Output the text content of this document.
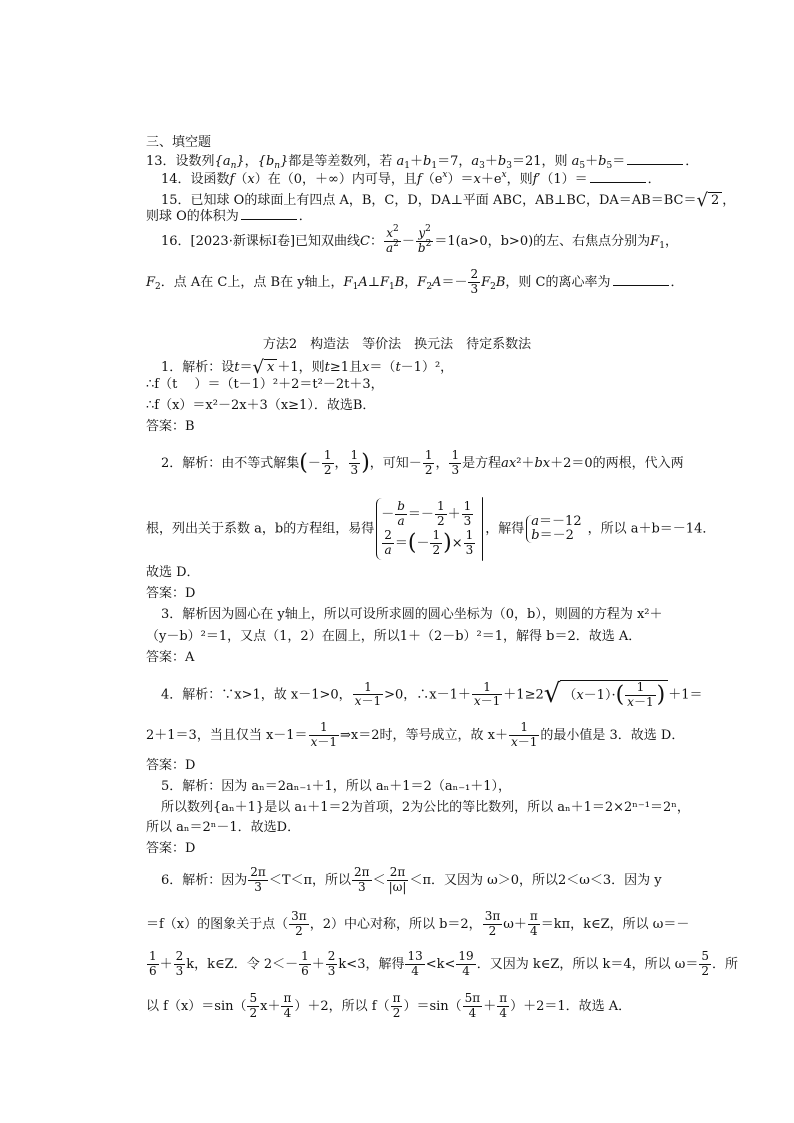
三、填空题
13．设数列$\{a_n\}$，$\{b_n\}$都是等差数列，若 $a_1+b_1=7$，$a_3+b_3=21$，则 $a_5+b_5=$	．
14．设函数f（x）在（0，＋∞）内可导，且$f(e^x)=x+e^x$，则f′（1）＝	．
15．已知球 O的球面上有四点 A，B，C，D，DA⊥平面 ABC，AB⊥BC，DA＝AB＝BC＝√ 2 ，
则球 O的体积为	．
16．[2023·新课标Ⅰ卷]已知双曲线C： $\frac{x^2}{a^2} - \frac{y^2}{b^2} =1(a>0$，b>0)的左、右焦点分别为$F_1$，
$F_2$．点 A在 C上，点 B在 y轴上，$F_1A\perp F_1B$，$F_2A=- \frac{2}{3} F_2B$，则 C的离心率为	．
方法2　构造法　等价法　换元法　待定系数法
1．解析：设t＝√ x ＋1，则t≥1且x＝（t－1）²，
∴f（t　 ）＝（t－1）²＋2＝t²－2t＋3，
∴f（x）＝x²－2x＋3（x≥1）．故选B．
答案：B
2．解析：由不等式解集(－ $\frac{1}{2}$ ， $\frac{1}{3}$ )，可知－ $\frac{1}{2}$ ， $\frac{1}{3}$ 是方程ax²＋bx＋2＝0的两根，代入两
根，列出关于系数 a，b的方程组，易得
－ $\frac{b}{a} =- \frac{1}{2} + \frac{1}{3}$
$\frac{2}{a}$ ＝(－ $\frac{1}{2}$ )× $\frac{1}{3}$ ，解得
a＝－12
b＝－2	，所以 a＋b＝－14．
故选 D．
答案：D
3．解析因为圆心在 y轴上，所以可设所求圆的圆心坐标为（0，b），则圆的方程为 x²＋
（y－b）²＝1，又点（1，2）在圆上，所以1＋（2－b）²＝1，解得 b＝2．故选 A．
答案：A
4．解析：∵x>1，故 x－1>0， $\frac{1}{x-1} >0$，∴x－1＋ $\frac{1}{x-1} +1\ge 2√$ $(x-1)\cdot( \frac{1}{x-1}$ ) ＋1＝
2＋1＝3，当且仅当 $x-1= \frac{1}{x-1}$ ⇒x＝2时，等号成立，故 $x+ \frac{1}{x-1}$ 的最小值是 3．故选 D．
答案：D
5．解析：因为 aₙ＝2aₙ₋₁＋1，所以 aₙ＋1＝2（aₙ₋₁＋1），
所以数列{aₙ＋1}是以 a₁＋1＝2为首项，2为公比的等比数列，所以 aₙ＋1＝2×2ⁿ⁻¹＝2ⁿ，
所以 aₙ＝2ⁿ－1．故选D．
答案：D
6．解析：因为 $\frac{2\pi}{3} <T<\pi$，所以 $\frac{2\pi}{3} < \frac{2\pi}{|\omega|} <\pi$．又因为 ω＞0，所以2＜ω＜3．因为 y
＝f（x）的图象关于点（ $\frac{3\pi}{2}$ ，2）中心对称，所以 b＝2， $\frac{3\pi}{2} \omega+ \frac{\pi}{4} =k\pi$，k∈Z，所以 ω＝－
$\frac{1}{6} + \frac{2}{3}$ k，k∈Z．令 $2<- \frac{1}{6} + \frac{2}{3} k<3$，解得 $\frac{13}{4} <k< \frac{19}{4}$ ．又因为 k∈Z，所以 k＝4，所以 $\omega= \frac{5}{2}$ ．所
以 $f(x)=\sin( \frac{5}{2} x+ \frac{\pi}{4} )+2$，所以 $f( \frac{\pi}{2} )=\sin( \frac{5\pi}{4} + \frac{\pi}{4} )+2=1$．故选 A．
